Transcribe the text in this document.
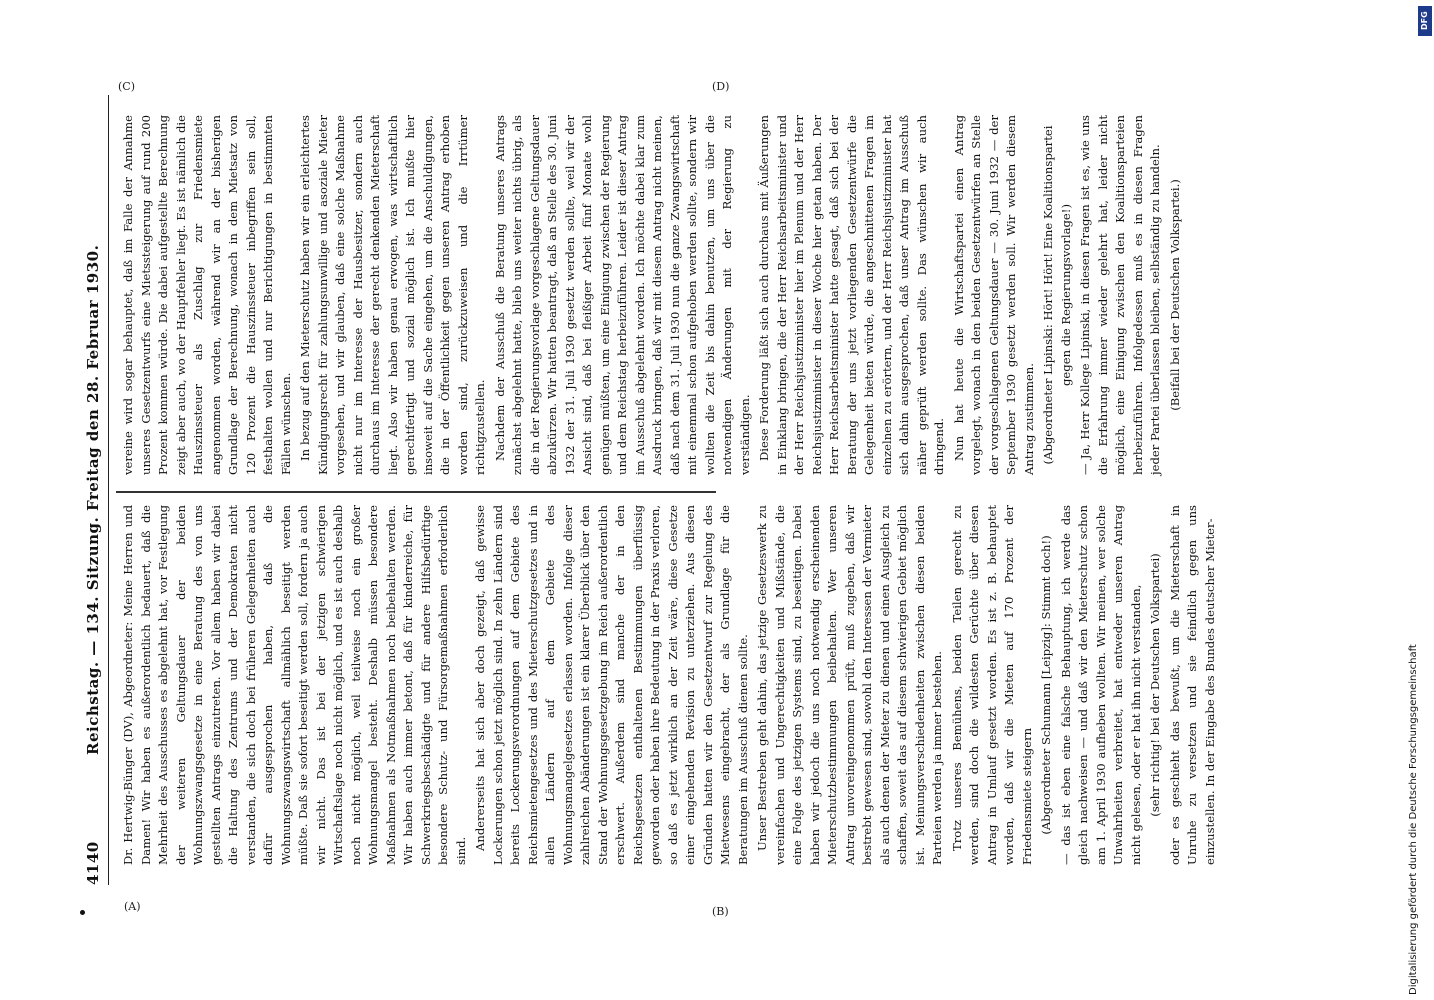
4140
Reichstag. — 134. Sitzung. Freitag den 28. Februar 1930. Dr. Hertwig-Bünger (DV), Abgeordneter: Meine Herren und Damen! Wir haben es außerordentlich bedauert, daß die Mehrheit des Ausschusses es abgelehnt hat, vor Festlegung der weiteren Geltungsdauer der beiden Wohnungszwangsgesetze in eine Beratung des von uns gestellten Antrags einzutreten. Vor allem haben wir dabei die Haltung des Zentrums und der Demokraten nicht verstanden, die sich doch bei früheren Gelegenheiten auch dafür ausgesprochen haben, daß die Wohnungszwangswirtschaft allmählich beseitigt werden müßte. Daß sie sofort beseitigt werden soll, fordern ja auch wir nicht. Das ist bei der jetzigen schwierigen Wirtschaftslage noch nicht möglich, und es ist auch deshalb noch nicht möglich, weil teilweise noch ein großer Wohnungsmangel besteht. Deshalb müssen besondere Maßnahmen als Notmaßnahmen noch beibehalten werden. Wir haben auch immer betont, daß für kinderreiche, für Schwerkriegsbeschädigte und für andere Hilfsbedürftige besondere Schutz- und Fürsorgemaßnahmen erforderlich sind. Andererseits hat sich aber doch gezeigt, daß gewisse Lockerungen schon jetzt möglich sind. In zehn Ländern sind bereits Lockerungsverordnungen auf dem Gebiete des Reichsmietengesetzes und des Mieterschutzgesetzes und in allen Ländern auf dem Gebiete des Wohnungsmangelgesetzes erlassen worden. Infolge dieser zahlreichen Abänderungen ist ein klarer Überblick über den Stand der Wohnungsgesetzgebung im Reich außerordentlich erschwert. Außerdem sind manche der in den Reichsgesetzen enthaltenen Bestimmungen überflüssig geworden oder haben ihre Bedeutung in der Praxis verloren, so daß es jetzt wirklich an der Zeit wäre, diese Gesetze einer eingehenden Revision zu unterziehen. Aus diesen Gründen hatten wir den Gesetzentwurf zur Regelung des Mietwesens eingebracht, der als Grundlage für die Beratungen im Ausschuß dienen sollte. Unser Bestreben geht dahin, das jetzige Gesetzeswerk zu vereinfachen und Ungerechtigkeiten und Mißstände, die eine Folge des jetzigen Systems sind, zu beseitigen. Dabei haben wir jedoch die uns noch notwendig erscheinenden Mieterschutzbestimmungen beibehalten. Wer unseren Antrag unvoreingenommen prüft, muß zugeben, daß wir bestrebt gewesen sind, sowohl den Interessen der Vermieter als auch denen der Mieter zu dienen und einen Ausgleich zu schaffen, soweit das auf diesem schwierigen Gebiet möglich ist. Meinungsverschiedenheiten zwischen diesen beiden Parteien werden ja immer bestehen. Trotz unseres Bemühens, beiden Teilen gerecht zu werden, sind doch die wildesten Gerüchte über diesen Antrag in Umlauf gesetzt worden. Es ist z. B. behauptet worden, daß wir die Mieten auf 170 Prozent der Friedensmiete steigern (Abgeordneter Schumann [Leipzig]: Stimmt doch!) — das ist eben eine falsche Behauptung, ich werde das gleich nachweisen — und daß wir den Mieterschutz schon am 1. April 1930 aufheben wollten. Wir meinen, wer solche Unwahrheiten verbreitet, hat entweder unseren Antrag nicht gelesen, oder er hat ihn nicht verstanden, (sehr richtig! bei der Deutschen Volkspartei) oder es geschieht das bewußt, um die Mieterschaft in Unruhe zu versetzen und sie feindlich gegen uns einzustellen. In der Eingabe des Bundes deutscher Mieter-

vereine wird sogar behauptet, daß im Falle der Annahme unseres Gesetzentwurfs eine Mietssteigerung auf rund 200 Prozent kommen würde. Die dabei aufgestellte Berechnung zeigt aber auch, wo der Hauptfehler liegt. Es ist nämlich die Hauszinssteuer als Zuschlag zur Friedensmiete angenommen worden, während wir an der bisherigen Grundlage der Berechnung, wonach in dem Mietsatz von 120 Prozent die Hauszinssteuer inbegriffen sein soll, festhalten wollen und nur Berichtigungen in bestimmten Fällen wünschen. In bezug auf den Mieterschutz haben wir ein erleichtertes Kündigungsrecht für zahlungsunwillige und asoziale Mieter vorgesehen, und wir glauben, daß eine solche Maßnahme nicht nur im Interesse der Hausbesitzer, sondern auch durchaus im Interesse der gerecht denkenden Mieterschaft liegt. Also wir haben genau erwogen, was wirtschaftlich gerechtfertigt und sozial möglich ist. Ich mußte hier insoweit auf die Sache eingehen, um die Anschuldigungen, die in der Öffentlichkeit gegen unseren Antrag erhoben worden sind, zurückzuweisen und die Irrtümer richtigzustellen. Nachdem der Ausschuß die Beratung unseres Antrags zunächst abgelehnt hatte, blieb uns weiter nichts übrig, als die in der Regierungsvorlage vorgeschlagene Geltungsdauer abzukürzen. Wir hatten beantragt, daß an Stelle des 30. Juni 1932 der 31. Juli 1930 gesetzt werden sollte, weil wir der Ansicht sind, daß bei fleißiger Arbeit fünf Monate wohl genügen müßten, um eine Einigung zwischen der Regierung und dem Reichstag herbeizuführen. Leider ist dieser Antrag im Ausschuß abgelehnt worden. Ich möchte dabei klar zum Ausdruck bringen, daß wir mit diesem Antrag nicht meinen, daß nach dem 31. Juli 1930 nun die ganze Zwangswirtschaft mit einemmal schon aufgehoben werden sollte, sondern wir wollten die Zeit bis dahin benutzen, um uns über die notwendigen Änderungen mit der Regierung zu verständigen. Diese Forderung läßt sich auch durchaus mit Äußerungen in Einklang bringen, die der Herr Reichsarbeitsminister und der Herr Reichsjustizminister hier im Plenum und der Herr Reichsjustizminister in dieser Woche hier getan haben. Der Herr Reichsarbeitsminister hatte gesagt, daß sich bei der Beratung der uns jetzt vorliegenden Gesetzentwürfe die Gelegenheit bieten würde, die angeschnittenen Fragen im einzelnen zu erörtern, und der Herr Reichsjustizminister hat sich dahin ausgesprochen, daß unser Antrag im Ausschuß näher geprüft werden sollte. Das wünschen wir auch dringend. Nun hat heute die Wirtschaftspartei einen Antrag vorgelegt, wonach in den beiden Gesetzentwürfen an Stelle der vorgeschlagenen Geltungsdauer — 30. Juni 1932 — der September 1930 gesetzt werden soll. Wir werden diesem Antrag zustimmen. (Abgeordneter Lipinski: Hört! Hört! Eine Koalitionspartei gegen die Regierungsvorlage!) — Ja, Herr Kollege Lipinski, in diesen Fragen ist es, wie uns die Erfahrung immer wieder gelehrt hat, leider nicht möglich, eine Einigung zwischen den Koalitionsparteien herbeizuführen. Infolgedessen muß es in diesen Fragen jeder Partei überlassen bleiben, selbständig zu handeln. (Beifall bei der Deutschen Volkspartei.)

(A)	(B)
(C)	(D)
DFG
Digitalisierung gefördert durch die Deutsche Forschungsgemeinschaft
